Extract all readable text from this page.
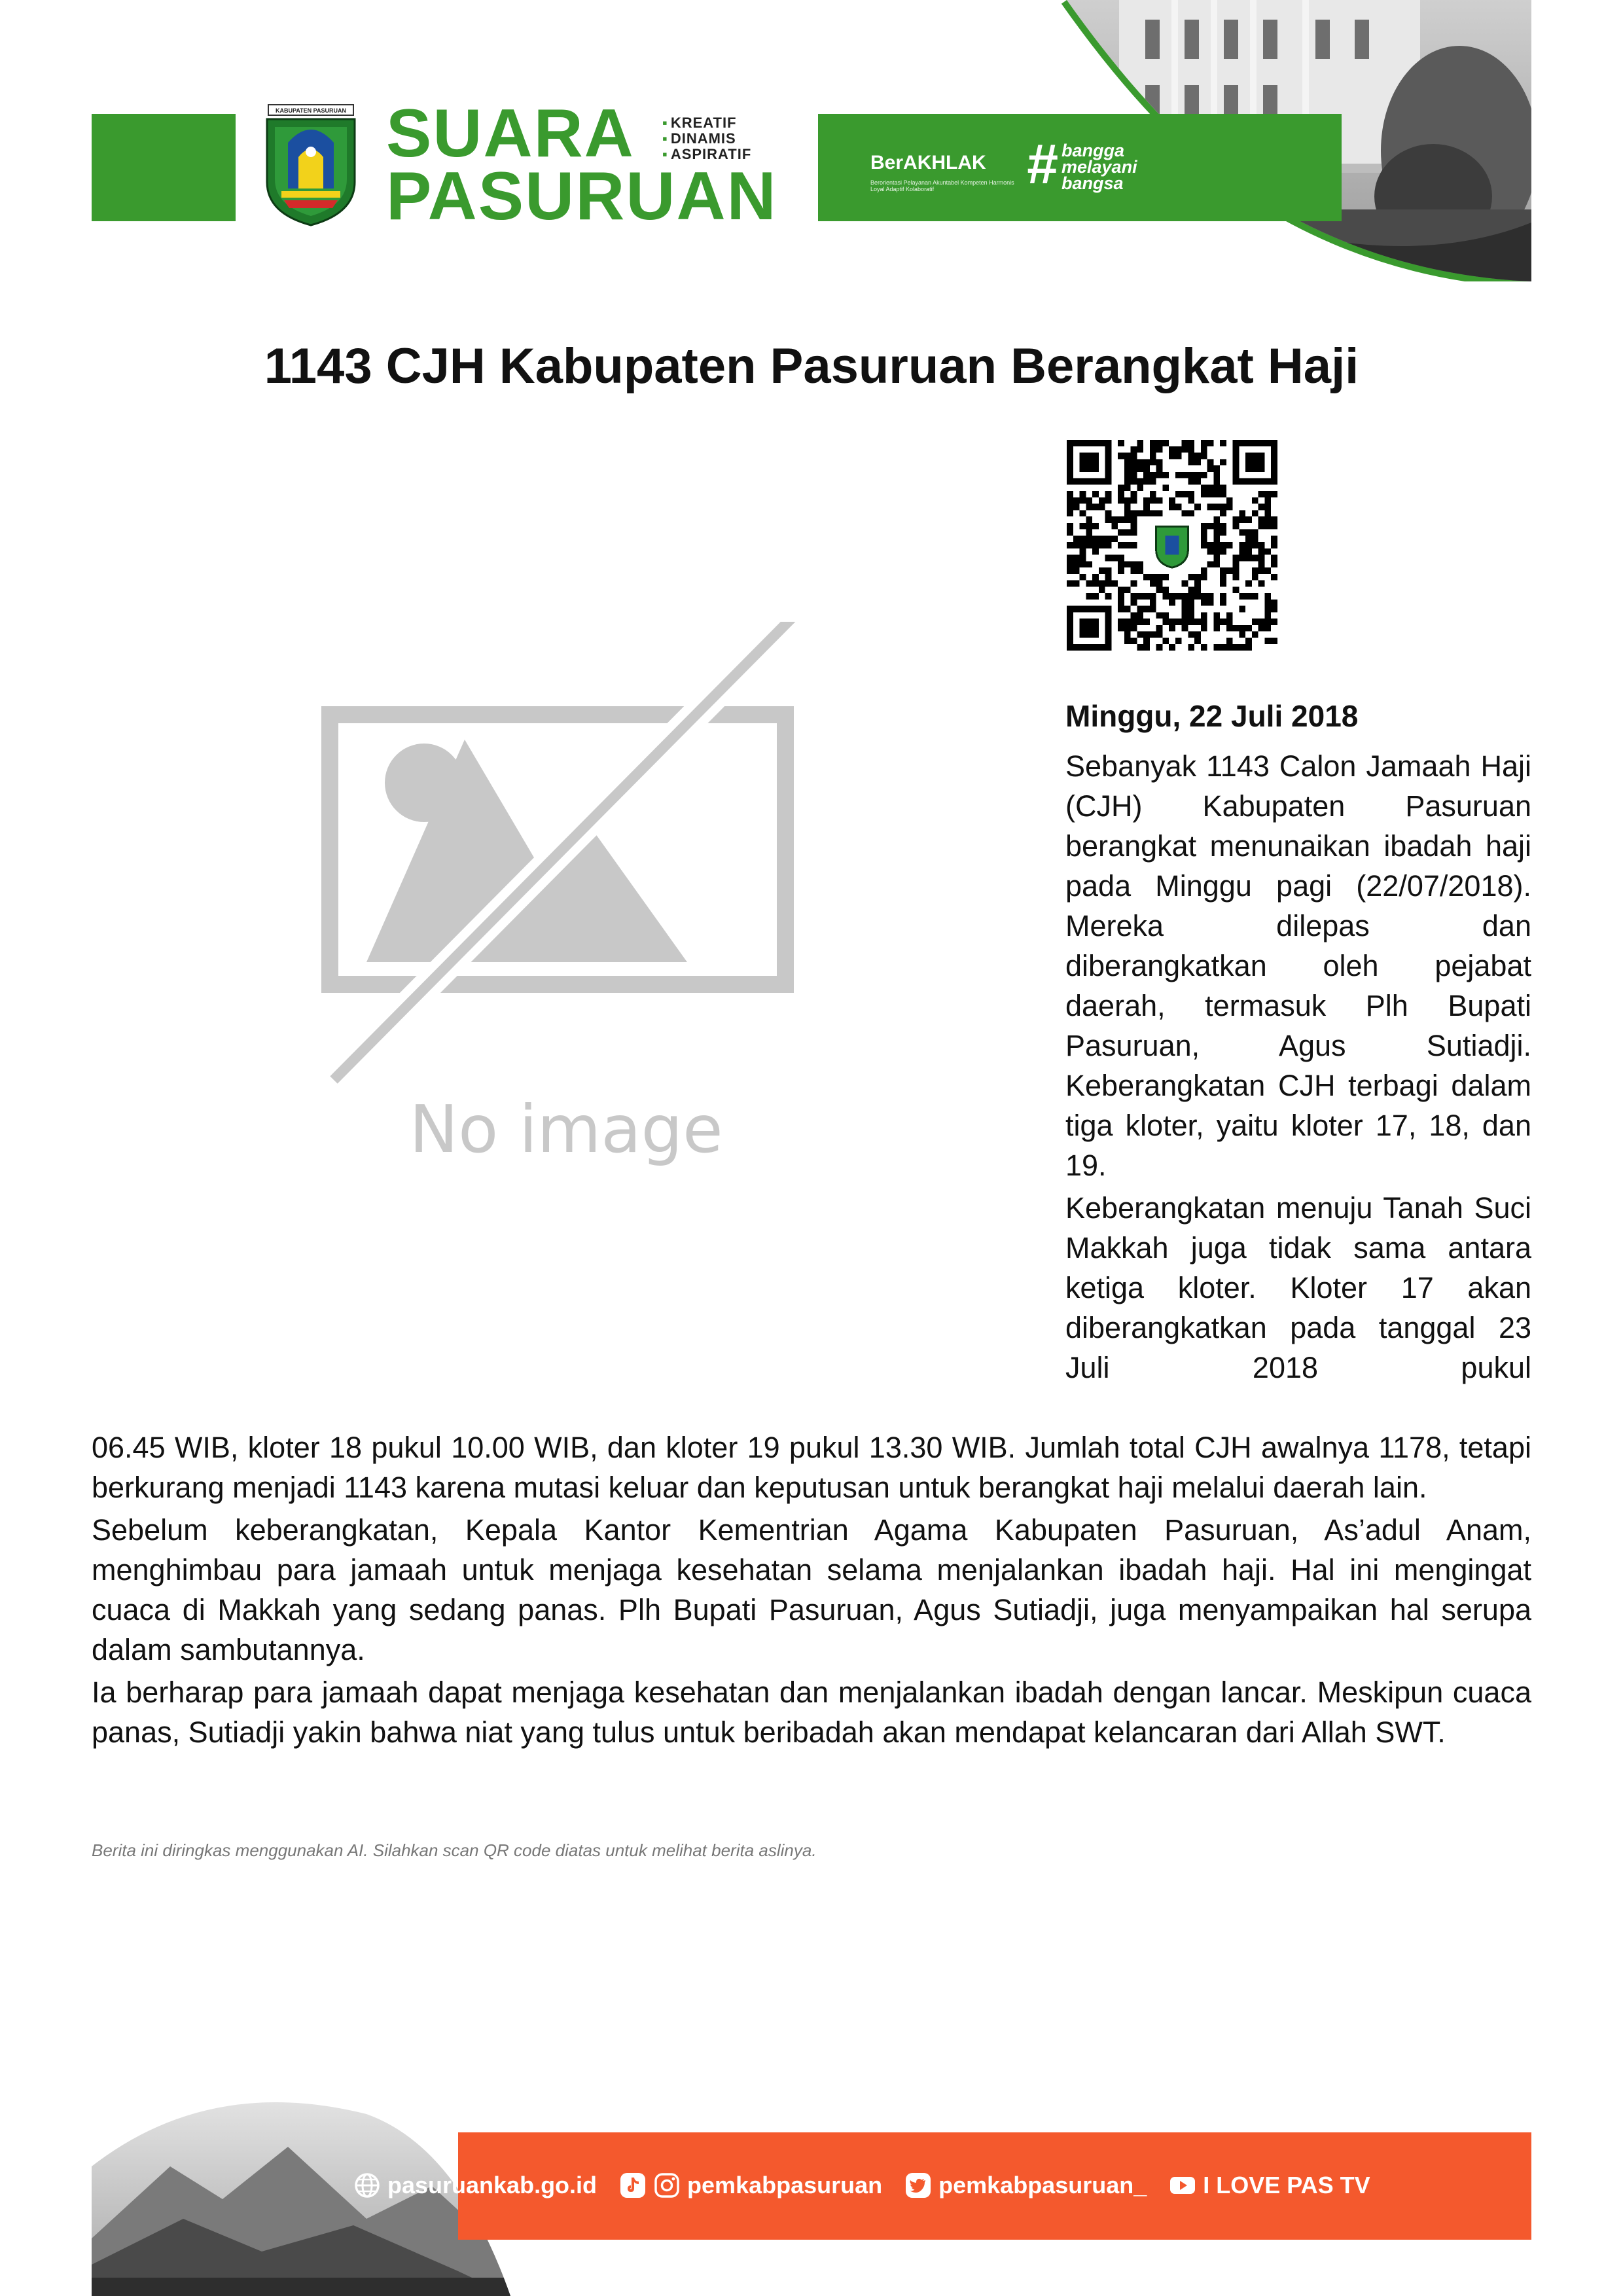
KABUPATEN PASURUAN SUARA
PASURUAN
▪ KREATIF
▪ DINAMIS
▪ ASPIRATIF	BerAKHLAK
Berorientasi Pelayanan Akuntabel Kompeten Harmonis Loyal Adaptif Kolaboratif	# bangga
melayani
bangsa
1143 CJH Kabupaten Pasuruan Berangkat Haji
No image
Minggu, 22 Juli 2018

Sebanyak 1143 Calon Jamaah Haji (CJH) Kabupaten Pasuruan berangkat menunaikan ibadah haji pada Minggu pagi (22/07/2018). Mereka dilepas dan diberangkatkan oleh pejabat daerah, termasuk Plh Bupati Pasuruan, Agus Sutiadji. Keberangkatan CJH terbagi dalam tiga kloter, yaitu kloter 17, 18, dan 19.

Keberangkatan menuju Tanah Suci Makkah juga tidak sama antara ketiga kloter. Kloter 17 akan diberangkatkan pada tanggal 23 Juli 2018 pukul

06.45 WIB, kloter 18 pukul 10.00 WIB, dan kloter 19 pukul 13.30 WIB. Jumlah total CJH awalnya 1178, tetapi berkurang menjadi 1143 karena mutasi keluar dan keputusan untuk berangkat haji melalui daerah lain.

Sebelum keberangkatan, Kepala Kantor Kementrian Agama Kabupaten Pasuruan, As’adul Anam, menghimbau para jamaah untuk menjaga kesehatan selama menjalankan ibadah haji. Hal ini mengingat cuaca di Makkah yang sedang panas. Plh Bupati Pasuruan, Agus Sutiadji, juga menyampaikan hal serupa dalam sambutannya.

Ia berharap para jamaah dapat menjaga kesehatan dan menjalankan ibadah dengan lancar. Meskipun cuaca panas, Sutiadji yakin bahwa niat yang tulus untuk beribadah akan mendapat kelancaran dari Allah SWT.

Berita ini diringkas menggunakan AI. Silahkan scan QR code diatas untuk melihat berita aslinya.
pasuruankab.go.id	pemkabpasuruan pemkabpasuruan_ I LOVE PAS TV
